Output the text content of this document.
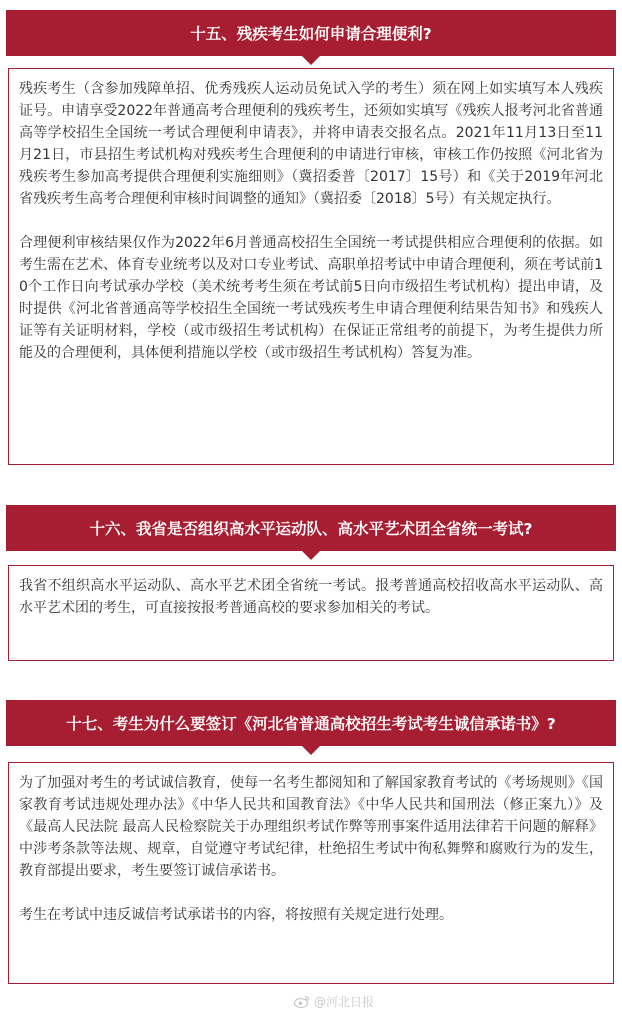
十五、残疾考生如何申请合理便利?

残疾考生（含参加残障单招、优秀残疾人运动员免试入学的考生）须在网上如实填写本人残疾证号。申请享受2022年普通高考合理便利的残疾考生，还须如实填写《残疾人报考河北省普通高等学校招生全国统一考试合理便利申请表》，并将申请表交报名点。2021年11月13日至11月21日，市县招生考试机构对残疾考生合理便利的申请进行审核，审核工作仍按照《河北省为残疾考生参加高考提供合理便利实施细则》（冀招委普〔2017〕15号）和《关于2019年河北省残疾考生高考合理便利审核时间调整的通知》（冀招委〔2018〕5号）有关规定执行。

合理便利审核结果仅作为2022年6月普通高校招生全国统一考试提供相应合理便利的依据。如考生需在艺术、体育专业统考以及对口专业考试、高职单招考试中申请合理便利，须在考试前10个工作日向考试承办学校（美术统考考生须在考试前5日向市级招生考试机构）提出申请，及时提供《河北省普通高等学校招生全国统一考试残疾考生申请合理便利结果告知书》和残疾人证等有关证明材料，学校（或市级招生考试机构）在保证正常组考的前提下，为考生提供力所能及的合理便利，具体便利措施以学校（或市级招生考试机构）答复为准。

十六、我省是否组织高水平运动队、高水平艺术团全省统一考试?

我省不组织高水平运动队、高水平艺术团全省统一考试。报考普通高校招收高水平运动队、高水平艺术团的考生，可直接按报考普通高校的要求参加相关的考试。

十七、考生为什么要签订《河北省普通高校招生考试考生诚信承诺书》?

为了加强对考生的考试诚信教育，使每一名考生都阅知和了解国家教育考试的《考场规则》《国家教育考试违规处理办法》《中华人民共和国教育法》《中华人民共和国刑法（修正案九）》及《最高人民法院 最高人民检察院关于办理组织考试作弊等刑事案件适用法律若干问题的解释》中涉考条款等法规、规章，自觉遵守考试纪律，杜绝招生考试中徇私舞弊和腐败行为的发生，教育部提出要求，考生要签订诚信承诺书。

考生在考试中违反诚信考试承诺书的内容，将按照有关规定进行处理。

@河北日报
